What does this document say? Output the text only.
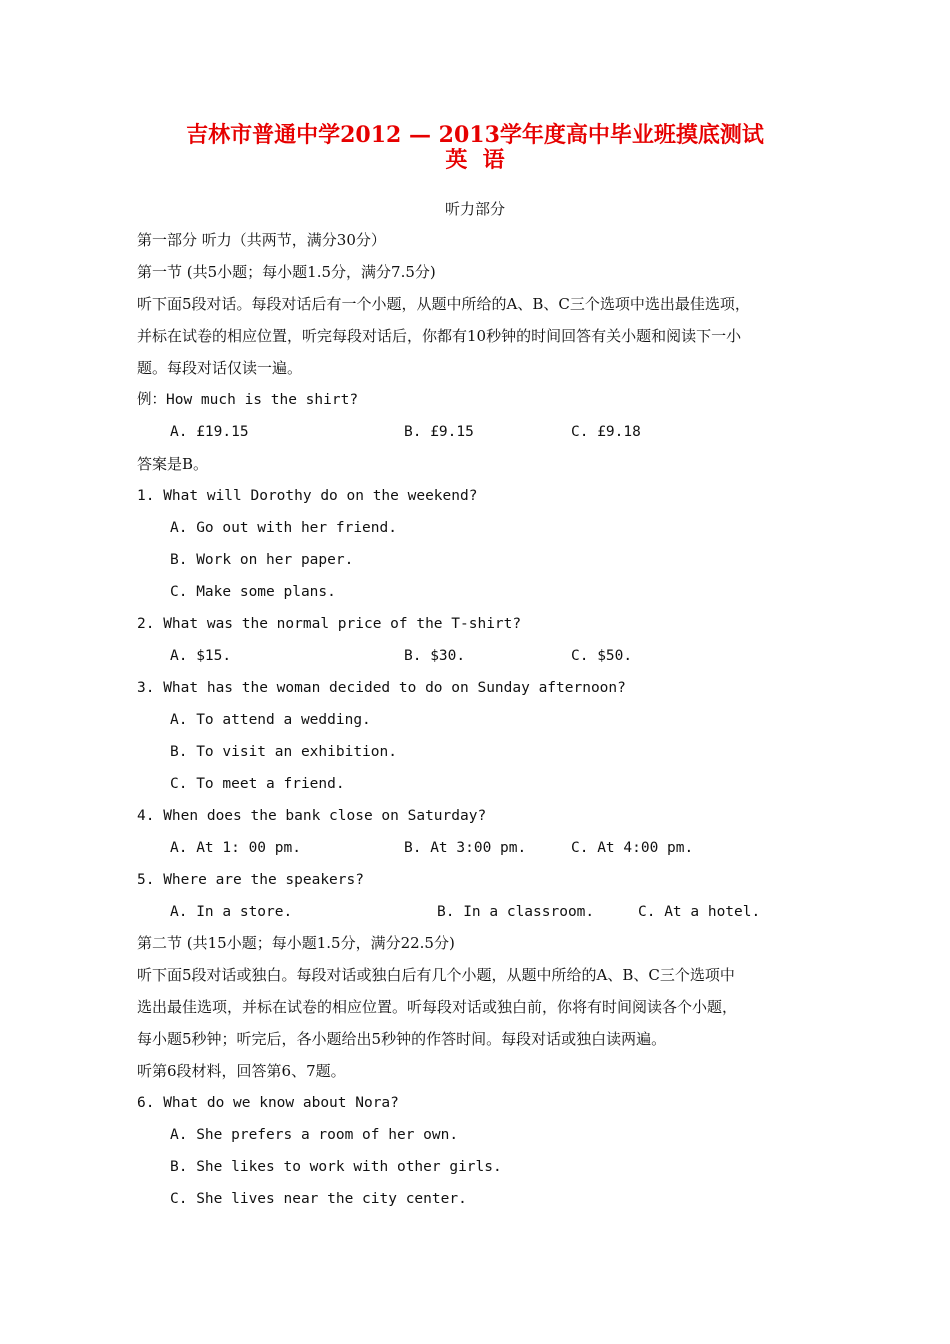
吉林市普通中学2012 — 2013学年度高中毕业班摸底测试
英  语
听力部分
第一部分 听力（共两节，满分30分）
第一节 (共5小题；每小题1.5分，满分7.5分)
听下面5段对话。每段对话后有一个小题，从题中所给的A、B、C三个选项中选出最佳选项，
并标在试卷的相应位置，听完每段对话后，你都有10秒钟的时间回答有关小题和阅读下一小
题。每段对话仅读一遍。
例：How much is the shirt?
A. £19.15	B. £9.15	C. £9.18
答案是B。
1. What will Dorothy do on the weekend?
A. Go out with her friend.
B. Work on her paper.
C. Make some plans.
2. What was the normal price of the T-shirt?
A. $15.	B. $30.	C. $50.
3. What has the woman decided to do on Sunday afternoon?
A. To attend a wedding.
B. To visit an exhibition.
C. To meet a friend.
4. When does the bank close on Saturday?
A. At 1: 00 pm.	B. At 3:00 pm.	C. At 4:00 pm.
5. Where are the speakers?
A. In a store.	B. In a classroom.	C. At a hotel.
第二节 (共15小题；每小题1.5分，满分22.5分)
听下面5段对话或独白。每段对话或独白后有几个小题，从题中所给的A、B、C三个选项中
选出最佳选项，并标在试卷的相应位置。听每段对话或独白前，你将有时间阅读各个小题，
每小题5秒钟；听完后，各小题给出5秒钟的作答时间。每段对话或独白读两遍。
听第6段材料，回答第6、7题。
6. What do we know about Nora?
A. She prefers a room of her own.
B. She likes to work with other girls.
C. She lives near the city center.
